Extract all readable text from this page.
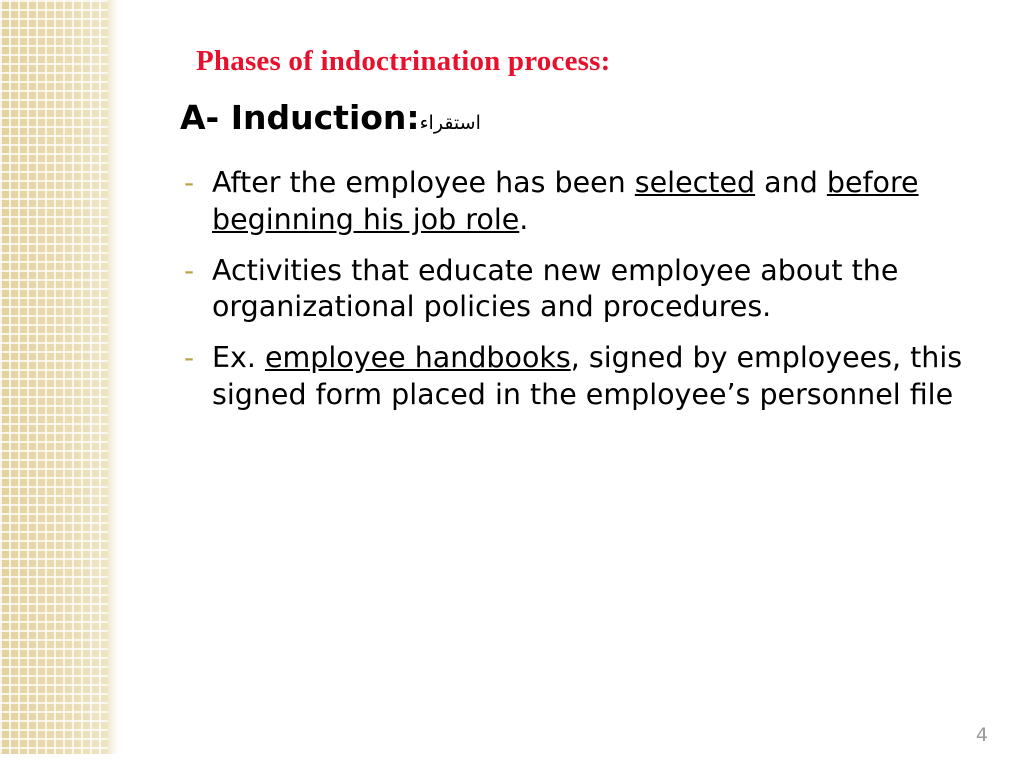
Phases of indoctrination process:
A- Induction:استقراء
- After the employee has been selected and before beginning his job role.
- Activities that educate new employee about the organizational policies and procedures.
- Ex. employee handbooks, signed by employees, this signed form placed in the employee’s personnel file
4
